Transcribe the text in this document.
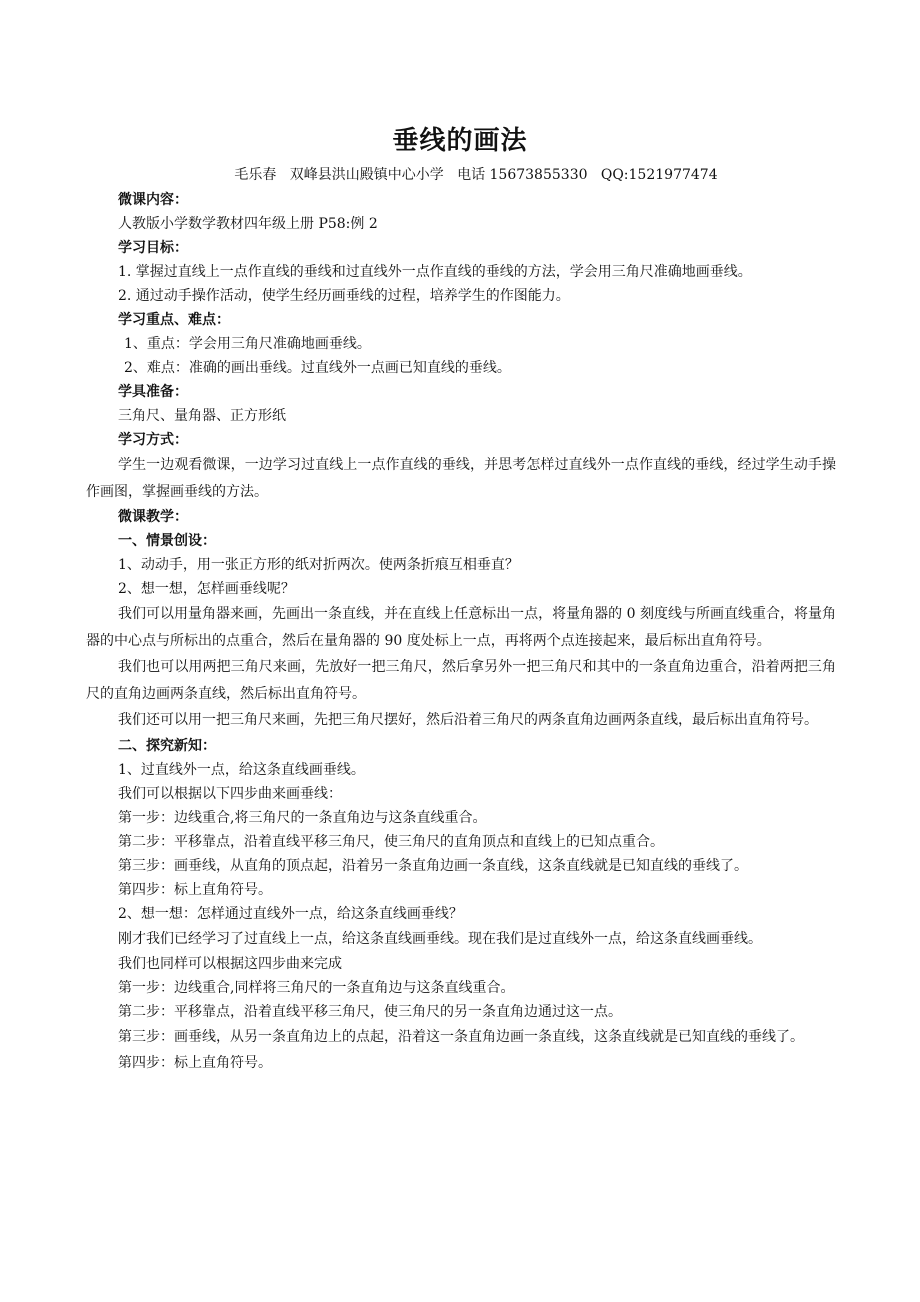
垂线的画法
毛乐春   双峰县洪山殿镇中心小学   电话 15673855330   QQ:1521977474
微课内容：
人教版小学数学教材四年级上册 P58:例 2
学习目标：
1. 掌握过直线上一点作直线的垂线和过直线外一点作直线的垂线的方法，学会用三角尺准确地画垂线。
2. 通过动手操作活动，使学生经历画垂线的过程，培养学生的作图能力。
学习重点、难点：
1、重点：学会用三角尺准确地画垂线。
2、难点：准确的画出垂线。过直线外一点画已知直线的垂线。
学具准备：
三角尺、量角器、正方形纸
学习方式：
学生一边观看微课，一边学习过直线上一点作直线的垂线，并思考怎样过直线外一点作直线的垂线，经过学生动手操作画图，掌握画垂线的方法。
微课教学：
一、情景创设：
1、动动手，用一张正方形的纸对折两次。使两条折痕互相垂直？
2、想一想，怎样画垂线呢？
我们可以用量角器来画，先画出一条直线，并在直线上任意标出一点，将量角器的 0 刻度线与所画直线重合，将量角器的中心点与所标出的点重合，然后在量角器的 90 度处标上一点，再将两个点连接起来，最后标出直角符号。
我们也可以用两把三角尺来画，先放好一把三角尺，然后拿另外一把三角尺和其中的一条直角边重合，沿着两把三角尺的直角边画两条直线，然后标出直角符号。
我们还可以用一把三角尺来画，先把三角尺摆好，然后沿着三角尺的两条直角边画两条直线，最后标出直角符号。
二、探究新知：
1、过直线外一点，给这条直线画垂线。
我们可以根据以下四步曲来画垂线：
第一步：边线重合,将三角尺的一条直角边与这条直线重合。
第二步：平移靠点，沿着直线平移三角尺，使三角尺的直角顶点和直线上的已知点重合。
第三步：画垂线，从直角的顶点起，沿着另一条直角边画一条直线，这条直线就是已知直线的垂线了。
第四步：标上直角符号。
2、想一想：怎样通过直线外一点，给这条直线画垂线？
刚才我们已经学习了过直线上一点，给这条直线画垂线。现在我们是过直线外一点，给这条直线画垂线。
我们也同样可以根据这四步曲来完成
第一步：边线重合,同样将三角尺的一条直角边与这条直线重合。
第二步：平移靠点，沿着直线平移三角尺，使三角尺的另一条直角边通过这一点。
第三步：画垂线，从另一条直角边上的点起，沿着这一条直角边画一条直线，这条直线就是已知直线的垂线了。
第四步：标上直角符号。
